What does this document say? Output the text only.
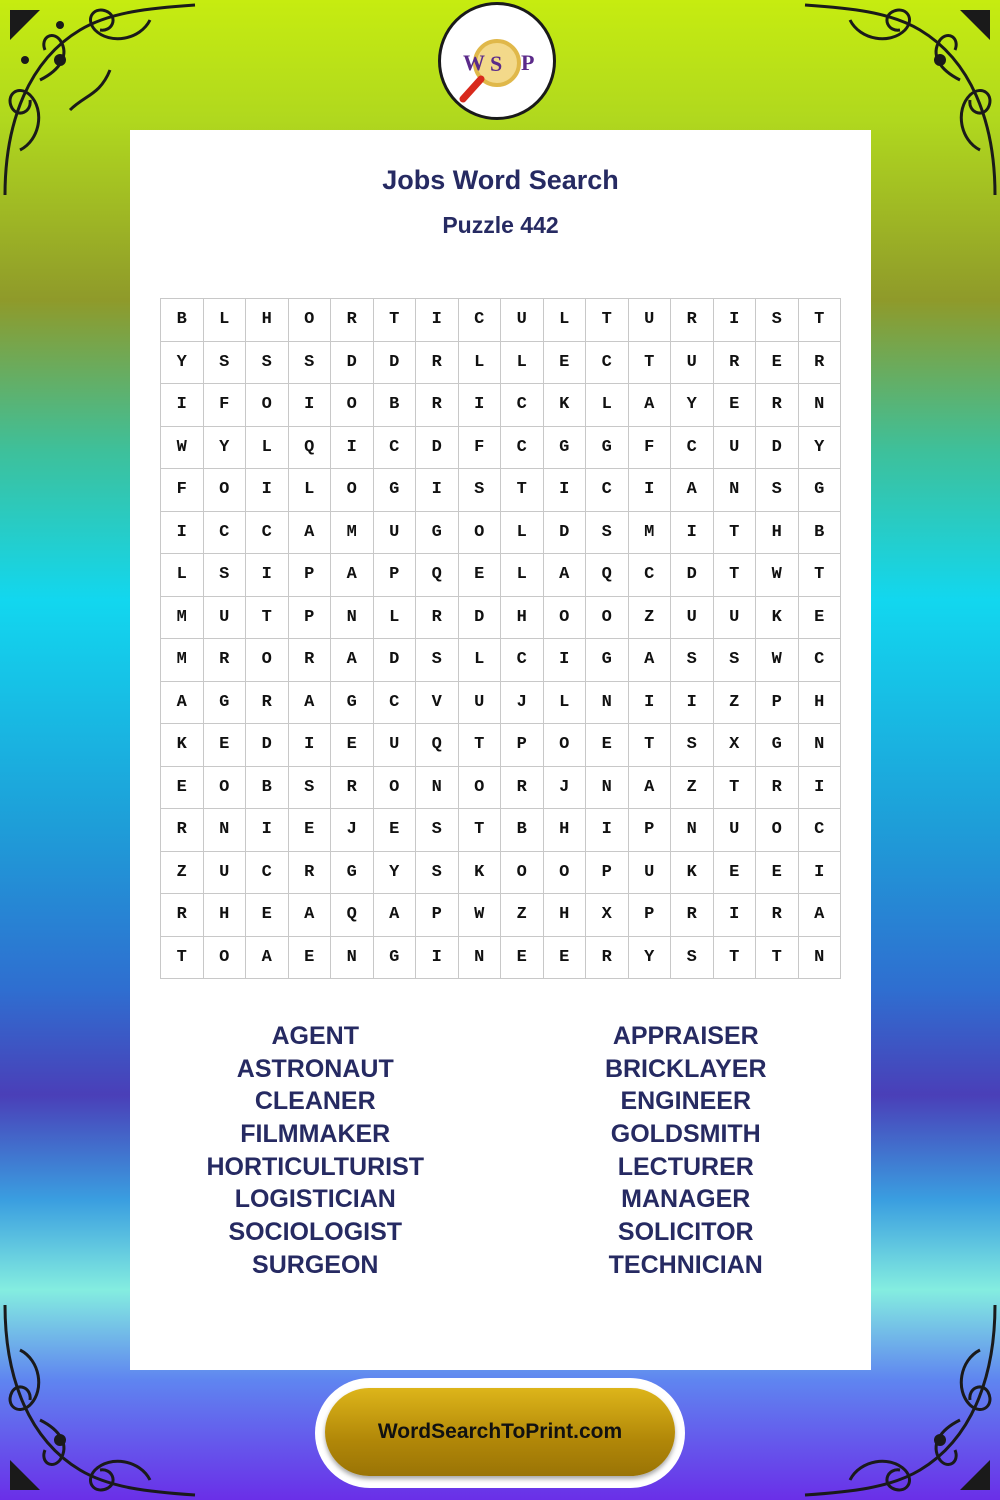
W S P
Jobs Word Search
Puzzle 442
B	L	H	O	R	T	I	C	U	L	T	U	R	I	S	T
Y	S	S	S	D	D	R	L	L	E	C	T	U	R	E	R
I	F	O	I	O	B	R	I	C	K	L	A	Y	E	R	N
W	Y	L	Q	I	C	D	F	C	G	G	F	C	U	D	Y
F	O	I	L	O	G	I	S	T	I	C	I	A	N	S	G
I	C	C	A	M	U	G	O	L	D	S	M	I	T	H	B
L	S	I	P	A	P	Q	E	L	A	Q	C	D	T	W	T
M	U	T	P	N	L	R	D	H	O	O	Z	U	U	K	E
M	R	O	R	A	D	S	L	C	I	G	A	S	S	W	C
A	G	R	A	G	C	V	U	J	L	N	I	I	Z	P	H
K	E	D	I	E	U	Q	T	P	O	E	T	S	X	G	N
E	O	B	S	R	O	N	O	R	J	N	A	Z	T	R	I
R	N	I	E	J	E	S	T	B	H	I	P	N	U	O	C
Z	U	C	R	G	Y	S	K	O	O	P	U	K	E	E	I
R	H	E	A	Q	A	P	W	Z	H	X	P	R	I	R	A
T	O	A	E	N	G	I	N	E	E	R	Y	S	T	T	N
AGENT	APPRAISER
ASTRONAUT	BRICKLAYER
CLEANER	ENGINEER
FILMMAKER	GOLDSMITH
HORTICULTURIST	LECTURER
LOGISTICIAN	MANAGER
SOCIOLOGIST	SOLICITOR
SURGEON	TECHNICIAN
WordSearchToPrint.com
